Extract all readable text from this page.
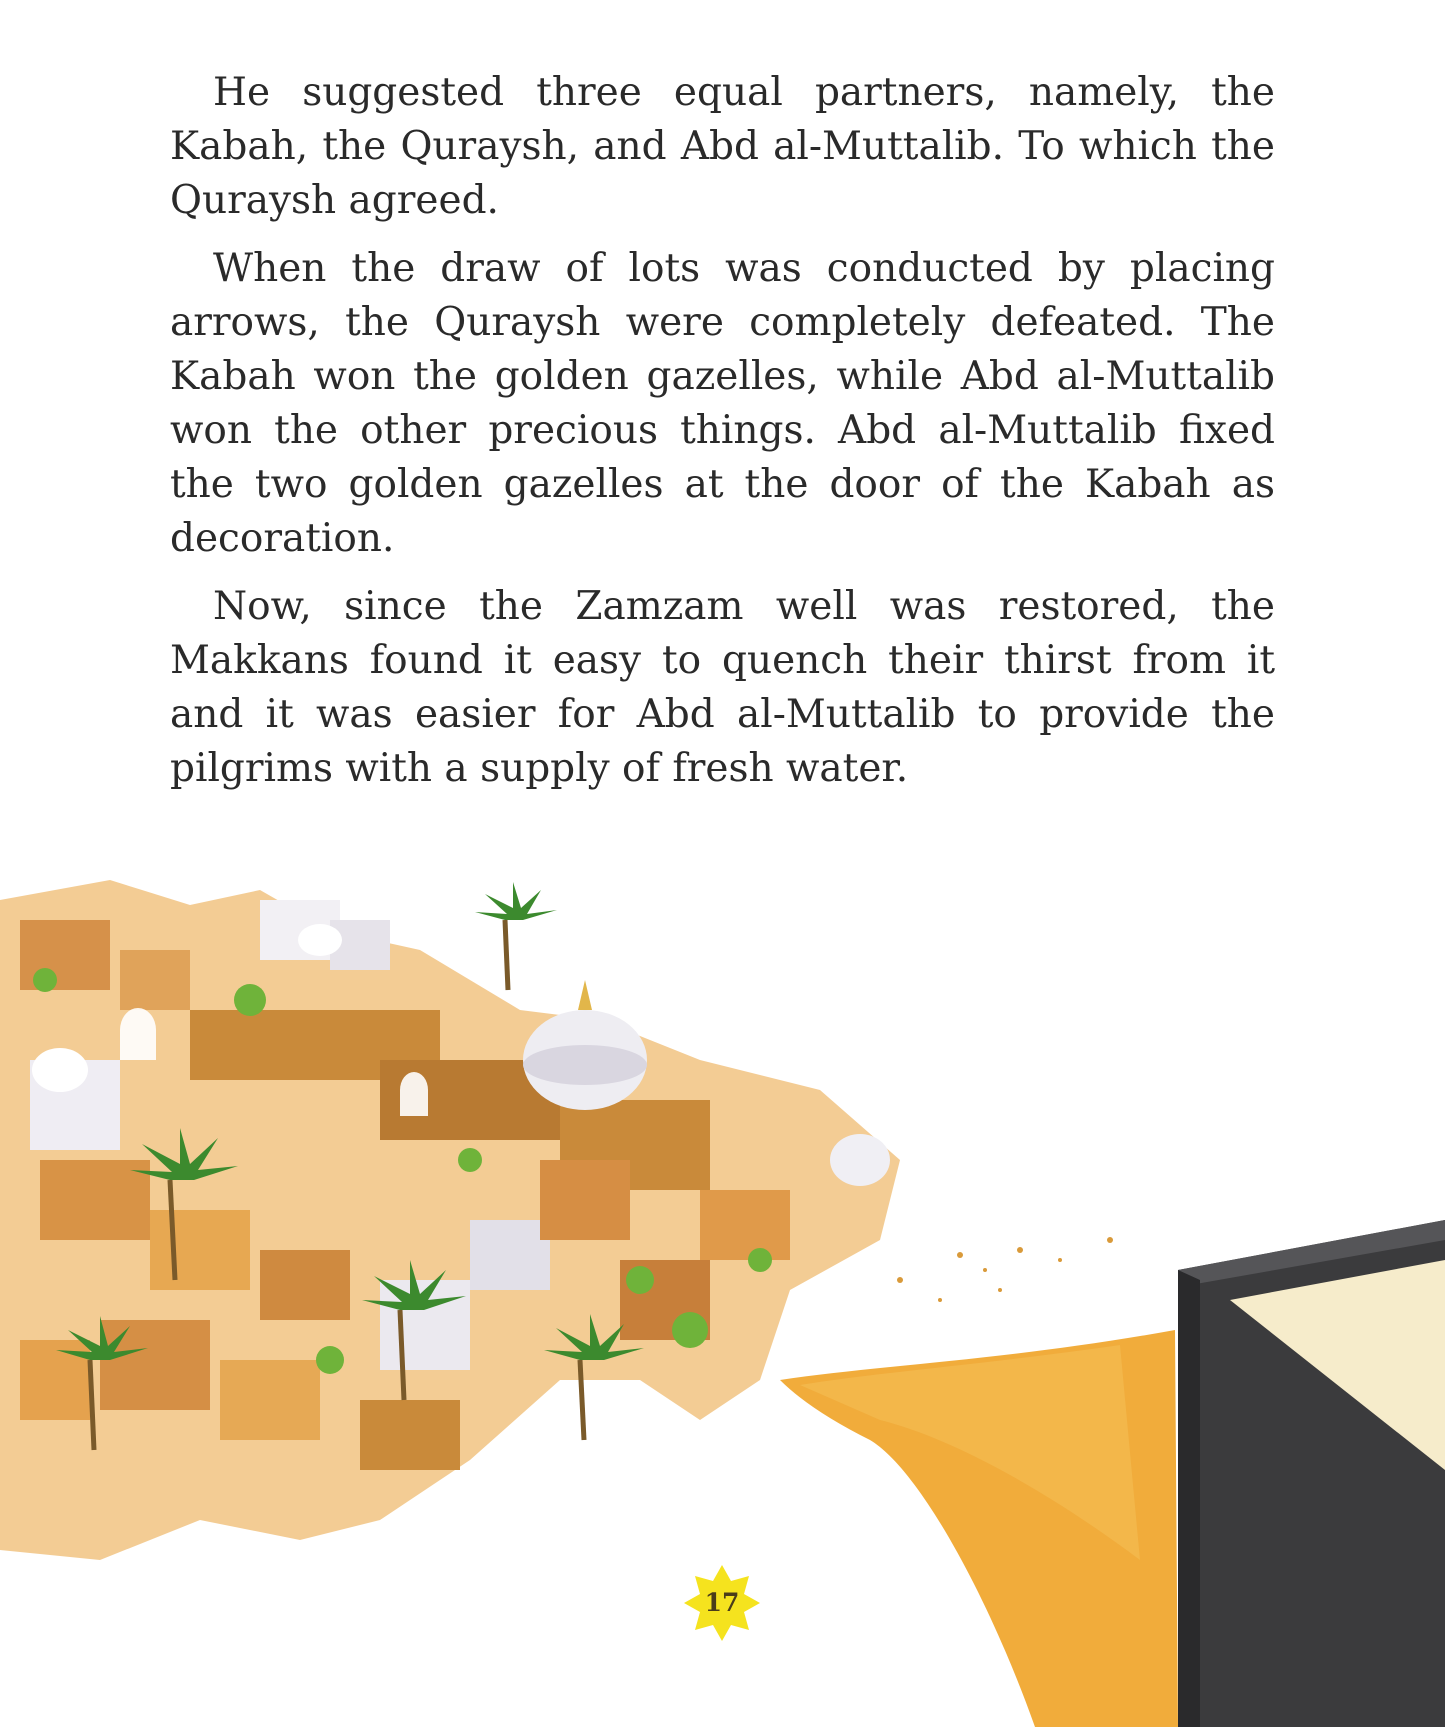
He suggested three equal partners, namely, the Kabah, the Quraysh, and Abd al-Muttalib. To which the Quraysh agreed.

When the draw of lots was conducted by placing arrows, the Quraysh were completely defeated. The Kabah won the golden gazelles, while Abd al-Muttalib won the other precious things. Abd al-Muttalib fixed the two golden gazelles at the door of the Kabah as decoration.

Now, since the Zamzam well was restored, the Makkans found it easy to quench their thirst from it and it was easier for Abd al-Muttalib to provide the pilgrims with a supply of fresh water.

17
